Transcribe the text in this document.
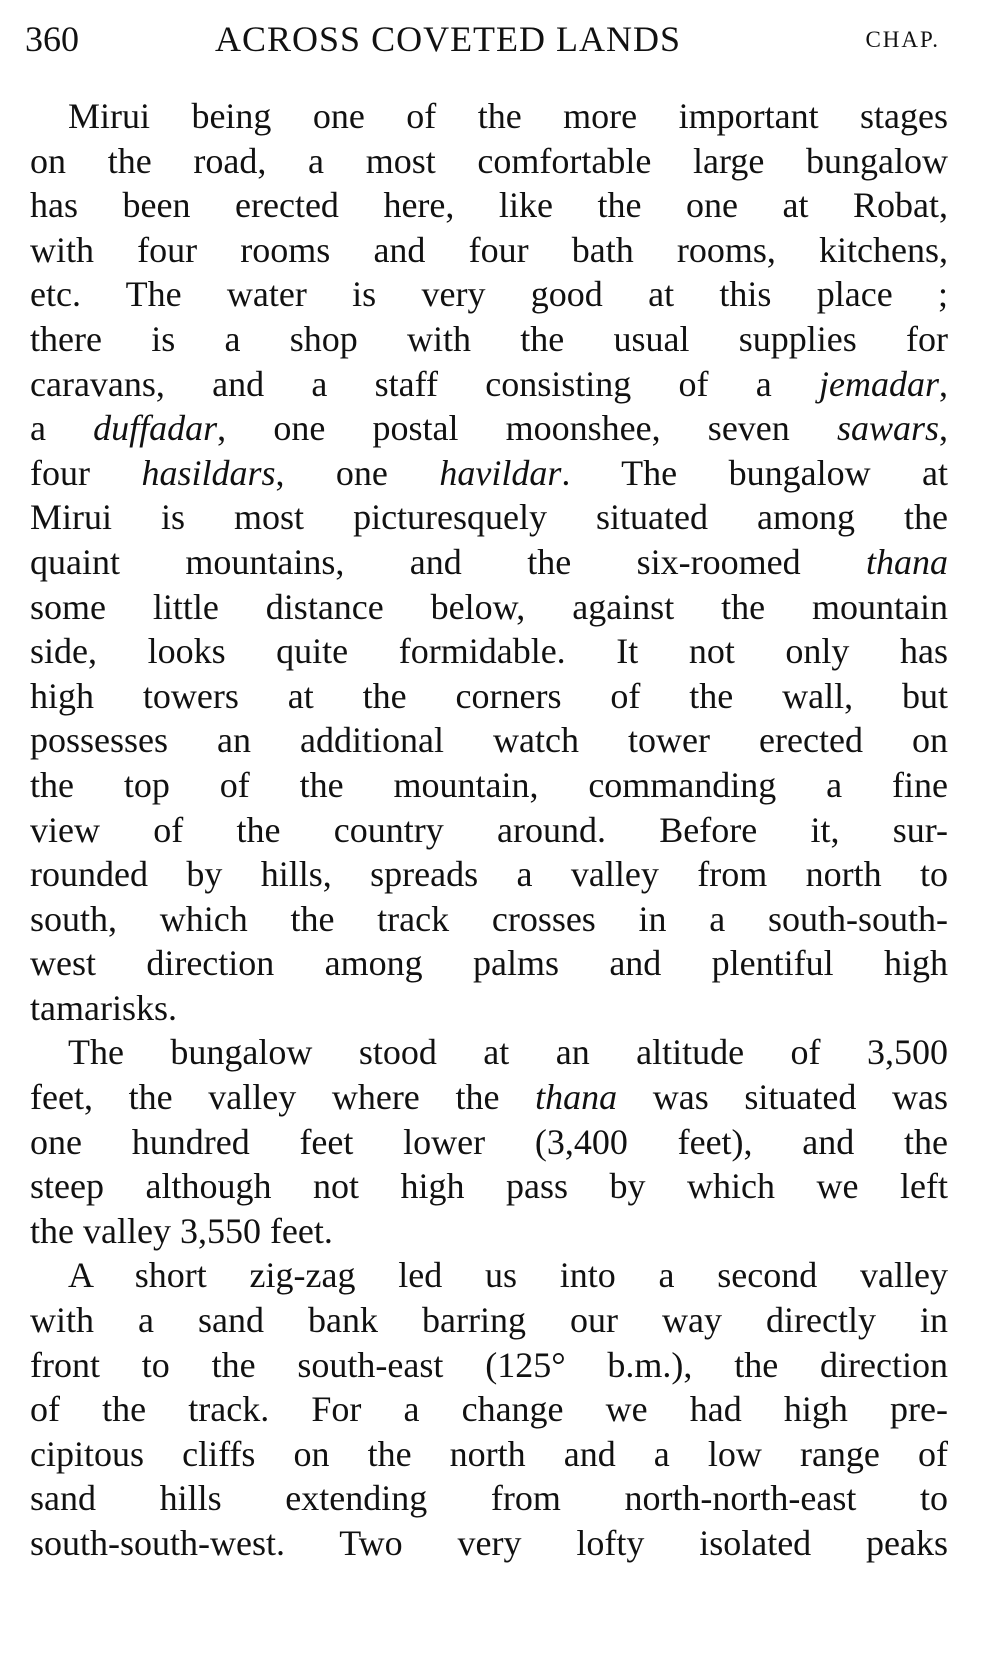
360	ACROSS COVETED LANDS	CHAP.
Mirui being one of the more important stages
on the road, a most comfortable large bungalow
has been erected here, like the one at Robat,
with four rooms and four bath rooms, kitchens,
etc. The water is very good at this place ;
there is a shop with the usual supplies for
caravans, and a staff consisting of a jemadar,
a duffadar, one postal moonshee, seven sawars,
four hasildars, one havildar. The bungalow at
Mirui is most picturesquely situated among the
quaint mountains, and the six-roomed thana
some little distance below, against the mountain
side, looks quite formidable. It not only has
high towers at the corners of the wall, but
possesses an additional watch tower erected on
the top of the mountain, commanding a fine
view of the country around. Before it, sur-
rounded by hills, spreads a valley from north to
south, which the track crosses in a south-south-
west direction among palms and plentiful high
tamarisks.
The bungalow stood at an altitude of 3,500
feet, the valley where the thana was situated was
one hundred feet lower (3,400 feet), and the
steep although not high pass by which we left
the valley 3,550 feet.
A short zig-zag led us into a second valley
with a sand bank barring our way directly in
front to the south-east (125° b.m.), the direction
of the track. For a change we had high pre-
cipitous cliffs on the north and a low range of
sand hills extending from north-north-east to
south-south-west. Two very lofty isolated peaks
